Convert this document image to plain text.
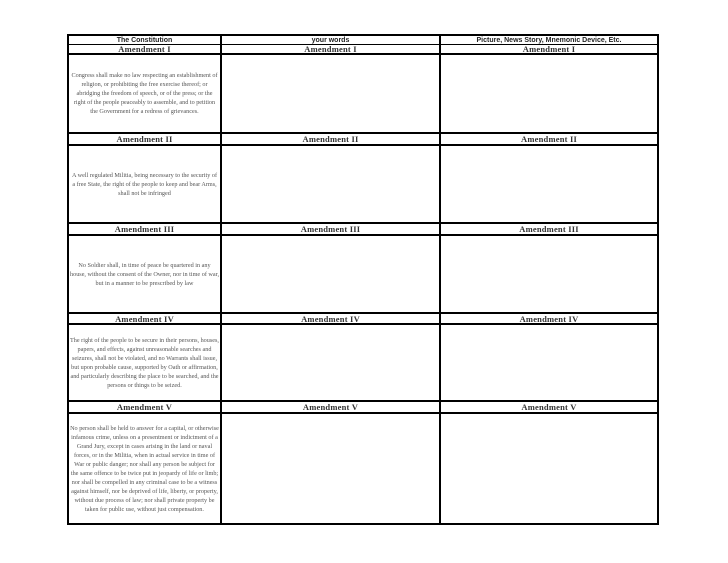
The Constitution	your words	Picture, News Story, Mnemonic Device, Etc.
Amendment I	Amendment I	Amendment I
Congress shall make no law respecting an establishment of religion, or prohibiting the free exercise thereof; or abridging the freedom of speech, or of the press; or the right of the people peaceably to assemble, and to petition the Government for a redress of grievances.
Amendment II	Amendment II	Amendment II
A well regulated Militia, being necessary to the security of a free State, the right of the people to keep and bear Arms, shall not be infringed
Amendment III	Amendment III	Amendment III
No Soldier shall, in time of peace be quartered in any house, without the consent of the Owner, nor in time of war, but in a manner to be prescribed by law
Amendment IV	Amendment IV	Amendment IV
The right of the people to be secure in their persons, houses, papers, and effects, against unreasonable searches and seizures, shall not be violated, and no Warrants shall issue, but upon probable cause, supported by Oath or affirmation, and particularly describing the place to be searched, and the persons or things to be seized.
Amendment V	Amendment V	Amendment V
No person shall be held to answer for a capital, or otherwise infamous crime, unless on a presentment or indictment of a Grand Jury, except in cases arising in the land or naval forces, or in the Militia, when in actual service in time of War or public danger; nor shall any person be subject for the same offence to be twice put in jeopardy of life or limb; nor shall be compelled in any criminal case to be a witness against himself, nor be deprived of life, liberty, or property, without due process of law; nor shall private property be taken for public use, without just compensation.
